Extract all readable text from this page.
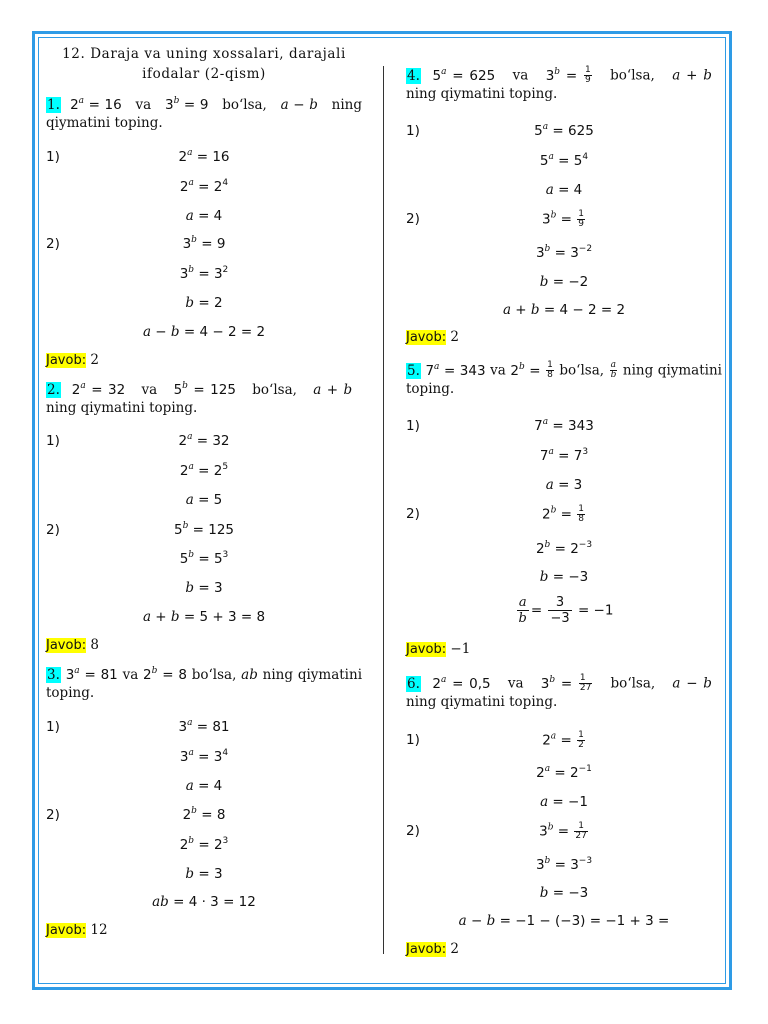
12. Daraja va uning xossalari, darajali
ifodalar (2-qism)
1. $2^a = 16$   va   $3^b = 9$   bo‘lsa,   a − b   ning qiymatini toping.
1)	$2^a = 16$
$2^a = 2^4$
a = 4
2)	$3^b = 9$
$3^b = 3^2$
b = 2
a − b = 4 − 2 = 2
Javob: 2
2. $2^a = 32$   va   $5^b = 125$   bo‘lsa,   a + b   ning qiymatini toping.
1)	$2^a = 32$
$2^a = 2^5$
a = 5
2)	$5^b = 125$
$5^b = 5^3$
b = 3
a + b = 5 + 3 = 8
Javob: 8
3. $3^a = 81$ va $2^b = 8$ bo‘lsa, ab ning qiymatini toping.
1)	$3^a = 81$
$3^a = 3^4$
a = 4
2)	$2^b = 8$
$2^b = 2^3$
b = 3
ab = 4 · 3 = 12
Javob: 12
4. $5^a = 625$   va   $3^b = \frac{1}{9}$ bo‘lsa,   a + b   ning qiymatini toping.
1)	$5^a = 625$
$5^a = 5^4$
a = 4
2)	$3^b = \frac{1}{9}$
$3^b = 3^{-2}$
b = −2
a + b = 4 − 2 = 2
Javob: 2
5. $7^a = 343$ va $2^b = \frac{1}{8}$ bo‘lsa, $\frac{a}{b}$ ning qiymatini toping.
1)	$7^a = 343$
$7^a = 7^3$
a = 3
2)	$2^b = \frac{1}{8}$
$2^b = 2^{-3}$
b = −3
$\frac{a}{b} = \frac{3}{-3} = -1$
Javob: −1
6. $2^a = 0,5$   va   $3^b = \frac{1}{27}$ bo‘lsa,   a − b   ning qiymatini toping.
1)	$2^a = \frac{1}{2}$
$2^a = 2^{-1}$
a = −1
2)	$3^b = \frac{1}{27}$
$3^b = 3^{-3}$
b = −3
a − b = −1 − (−3) = −1 + 3 =
Javob: 2
